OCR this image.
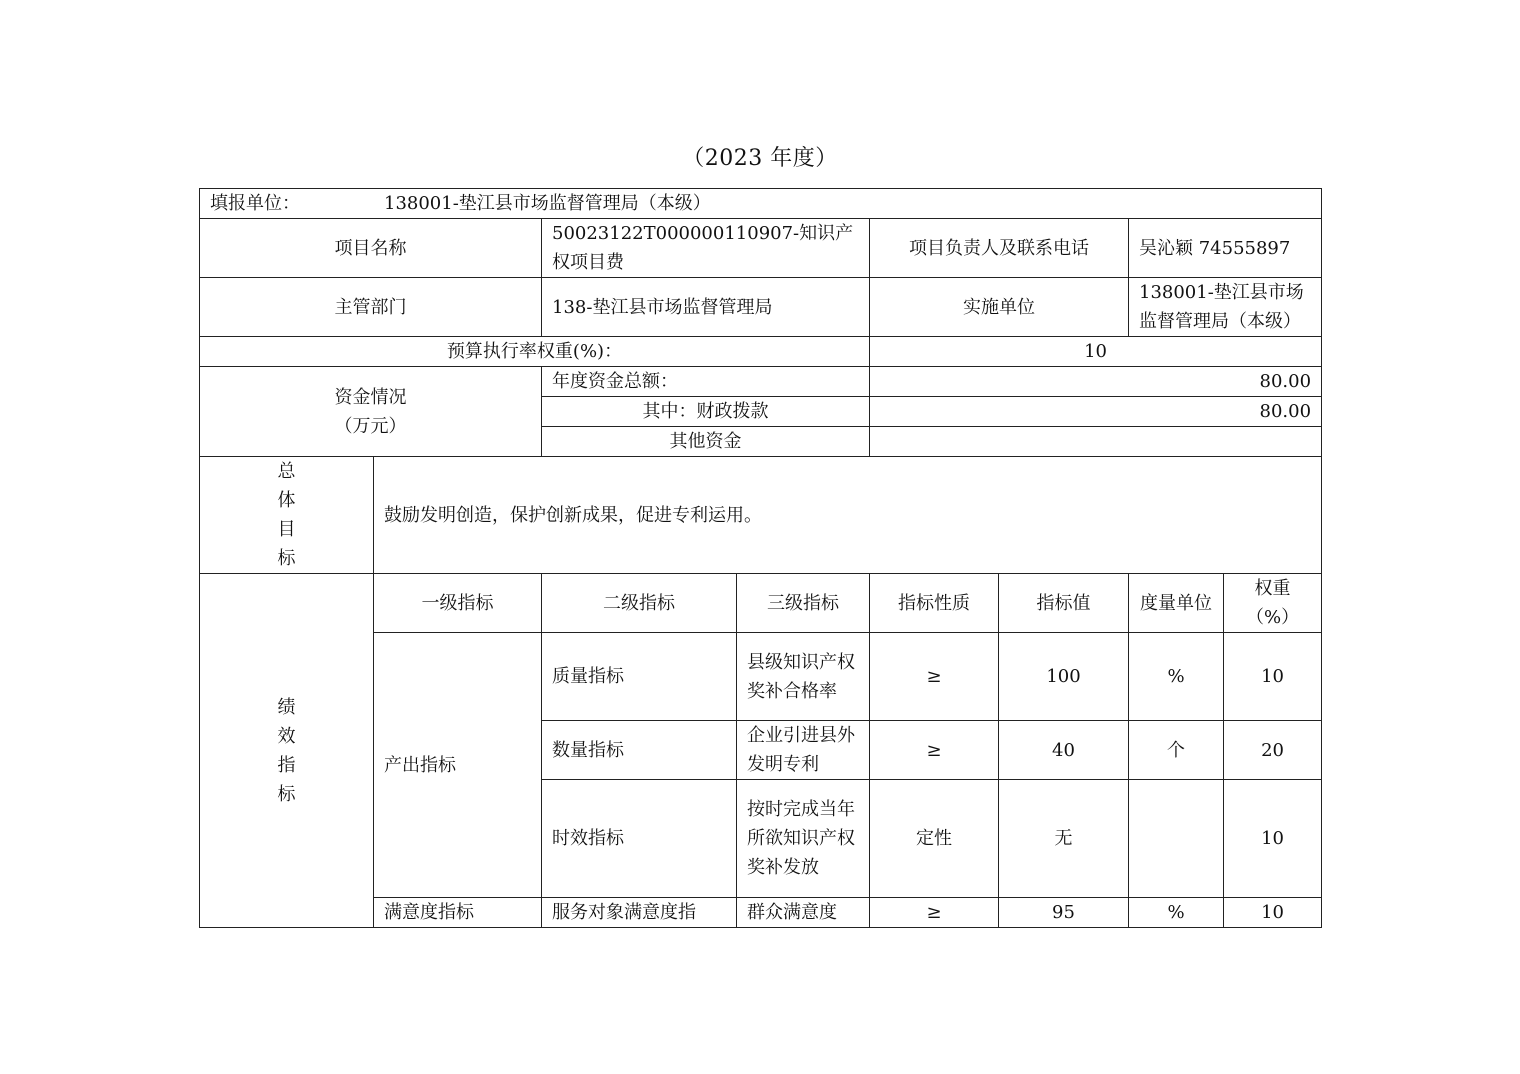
（2023 年度）
填报单位： 138001-垫江县市场监督管理局（本级）							
项目名称		50023122T000000110907-知识产权项目费		项目负责人及联系电话		吴沁颖 74555897	
主管部门		138-垫江县市场监督管理局		实施单位		138001-垫江县市场监督管理局（本级）	
预算执行率权重(%)：				10			

资金情况
（万元）		年度资金总额：		80.00			
		其中：财政拨款		80.00			
		其他资金					

总
体
目
标	鼓励发明创造，保护创新成果，促进专利运用。						

绩
效
指
标	一级指标	二级指标	三级指标	指标性质	指标值	度量单位	权重（%）
	产出指标	质量指标	县级知识产权奖补合格率	≥	100	%	10
		数量指标	企业引进县外发明专利	≥	40	个	20
		时效指标	按时完成当年所欲知识产权奖补发放	定性	无		10
	满意度指标	服务对象满意度指	群众满意度	≥	95	%	10
